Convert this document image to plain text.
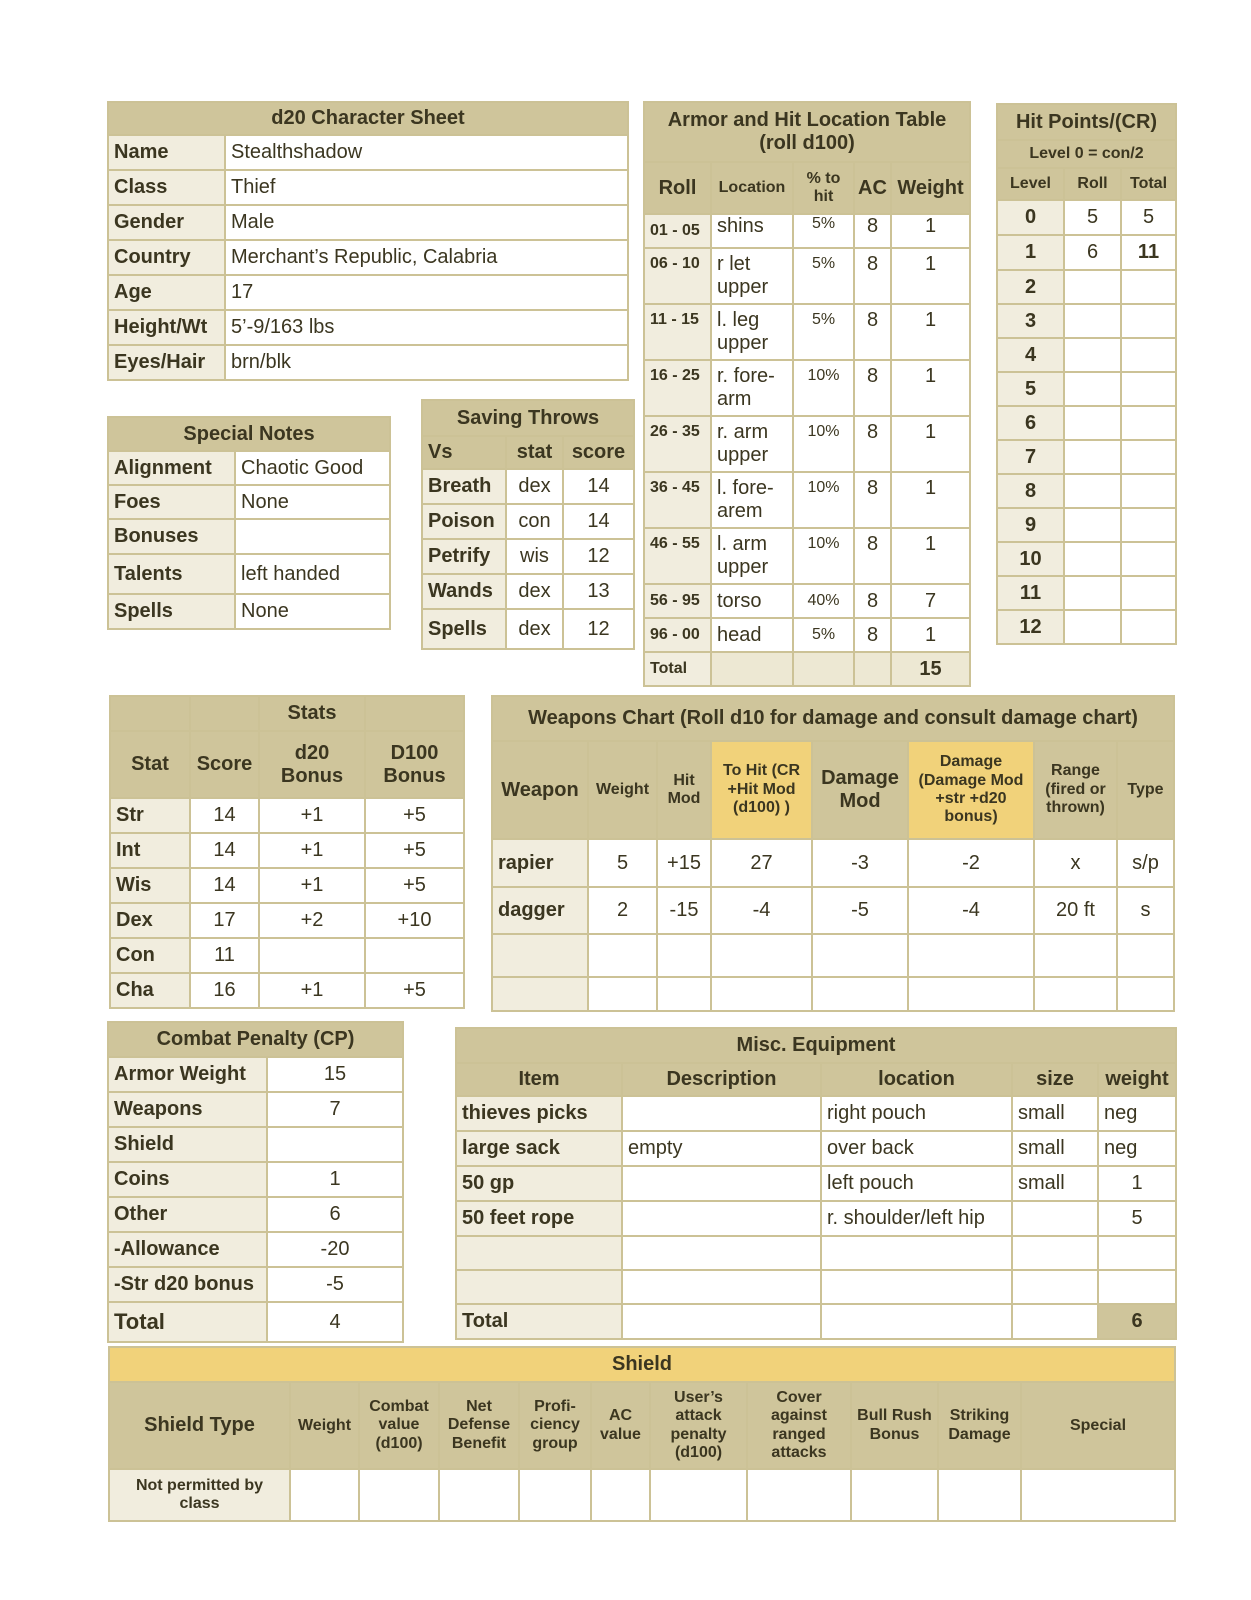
d20 Character Sheet	
Name	Stealthshadow
Class	Thief
Gender	Male
Country	Merchant’s Republic, Calabria
Age	17
Height/Wt	5’-9/163 lbs
Eyes/Hair	brn/blk
Armor and Hit Location Table (roll d100)				
Roll	Location	% to hit	AC	Weight
01 - 05	shins	5%	8	1
06 - 10	r let upper	5%	8	1
11 - 15	l. leg upper	5%	8	1
16 - 25	r. fore-arm	10%	8	1
26 - 35	r. arm upper	10%	8	1
36 - 45	l. fore-arem	10%	8	1
46 - 55	l. arm upper	10%	8	1
56 - 95	torso	40%	8	7
96 - 00	head	5%	8	1
Total				15
Hit Points/(CR)		
Level 0 = con/2		
Level	Roll	Total
0	5	5
1	6	11
2		
3		
4		
5		
6		
7		
8		
9		
10		
11		
12		
Special Notes	
Alignment	Chaotic Good
Foes	None
Bonuses	
Talents	left handed
Spells	None
Saving Throws		
Vs	stat	score
Breath	dex	14
Poison	con	14
Petrify	wis	12
Wands	dex	13
Spells	dex	12
		Stats	
Stat	Score	d20 Bonus	D100 Bonus
Str	14	+1	+5
Int	14	+1	+5
Wis	14	+1	+5
Dex	17	+2	+10
Con	11		
Cha	16	+1	+5
Weapons Chart (Roll d10 for damage and consult damage chart)							
Weapon	Weight	Hit Mod	To Hit (CR +Hit Mod (d100) )	Damage Mod	Damage (Damage Mod +str +d20 bonus)	Range (fired or thrown)	Type
rapier	5	+15	27	-3	-2	x	s/p
dagger	2	-15	-4	-5	-4	20 ft	s

Combat Penalty (CP)	
Armor Weight	15
Weapons	7
Shield	
Coins	1
Other	6
-Allowance	-20
-Str d20 bonus	-5
Total	4
Misc. Equipment				
Item	Description	location	size	weight
thieves picks		right pouch	small	neg
large sack	empty	over back	small	neg
50 gp		left pouch	small	1
50 feet rope		r. shoulder/left hip		5

Total				6
Shield										
Shield Type	Weight	Combat value (d100)	Net Defense Benefit	Profi-ciency group	AC value	User’s attack penalty (d100)	Cover against ranged attacks	Bull Rush Bonus	Striking Damage	Special
Not permitted by class										
